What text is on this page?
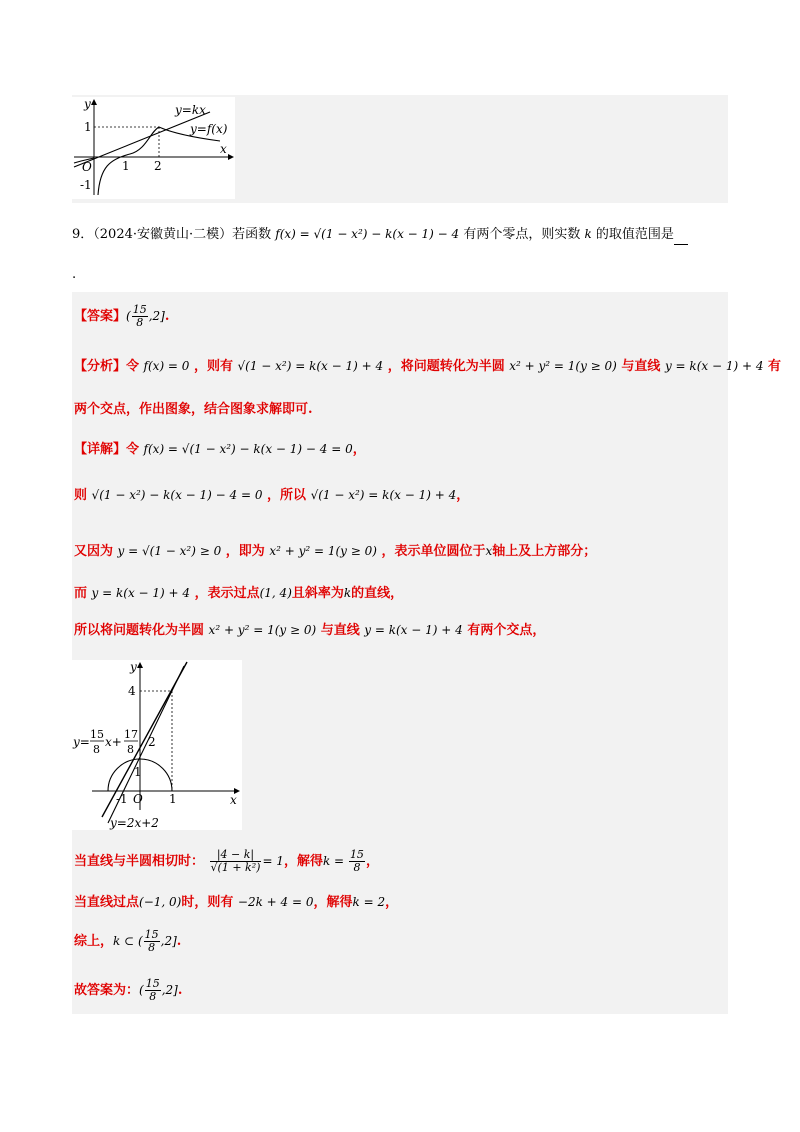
y
x
O
1
-1
1 2
y=kx
y=f(x)
9．（2024·安徽黄山·二模）若函数 f(x) = √(1 − x²) − k(x − 1) − 4 有两个零点，则实数 k 的取值范围是
.
【答案】( $\frac{15}{8} ,2$].
【分析】令 f(x) = 0 ，则有 √(1 − x²) = k(x − 1) + 4 ，将问题转化为半圆 x² + y² = 1(y ≥ 0) 与直线 y = k(x − 1) + 4 有
两个交点，作出图象，结合图象求解即可.
【详解】令 f(x) = √(1 − x²) − k(x − 1) − 4 = 0，
则 √(1 − x²) − k(x − 1) − 4 = 0 ，所以 √(1 − x²) = k(x − 1) + 4，
又因为 y = √(1 − x²) ≥ 0 ，即为 x² + y² = 1(y ≥ 0) ，表示单位圆位于x轴上及上方部分；
而 y = k(x − 1) + 4 ，表示过点(1, 4)且斜率为k的直线，
所以将问题转化为半圆 x² + y² = 1(y ≥ 0) 与直线 y = k(x − 1) + 4 有两个交点，
y
x
O
4
2
1
-1	1
y=
15
8
x+
17
8
y=2x+2
当直线与半圆相切时： $\frac{|4 - k|}{\text{√(1 + k²)}} = 1$，解得$k = \frac{15}{8}$ ，
当直线过点(−1, 0)时，则有 −2k + 4 = 0，解得k = 2，
综上，k ⊂ ( $\frac{15}{8} ,2$].
故答案为：( $\frac{15}{8} ,2$].
